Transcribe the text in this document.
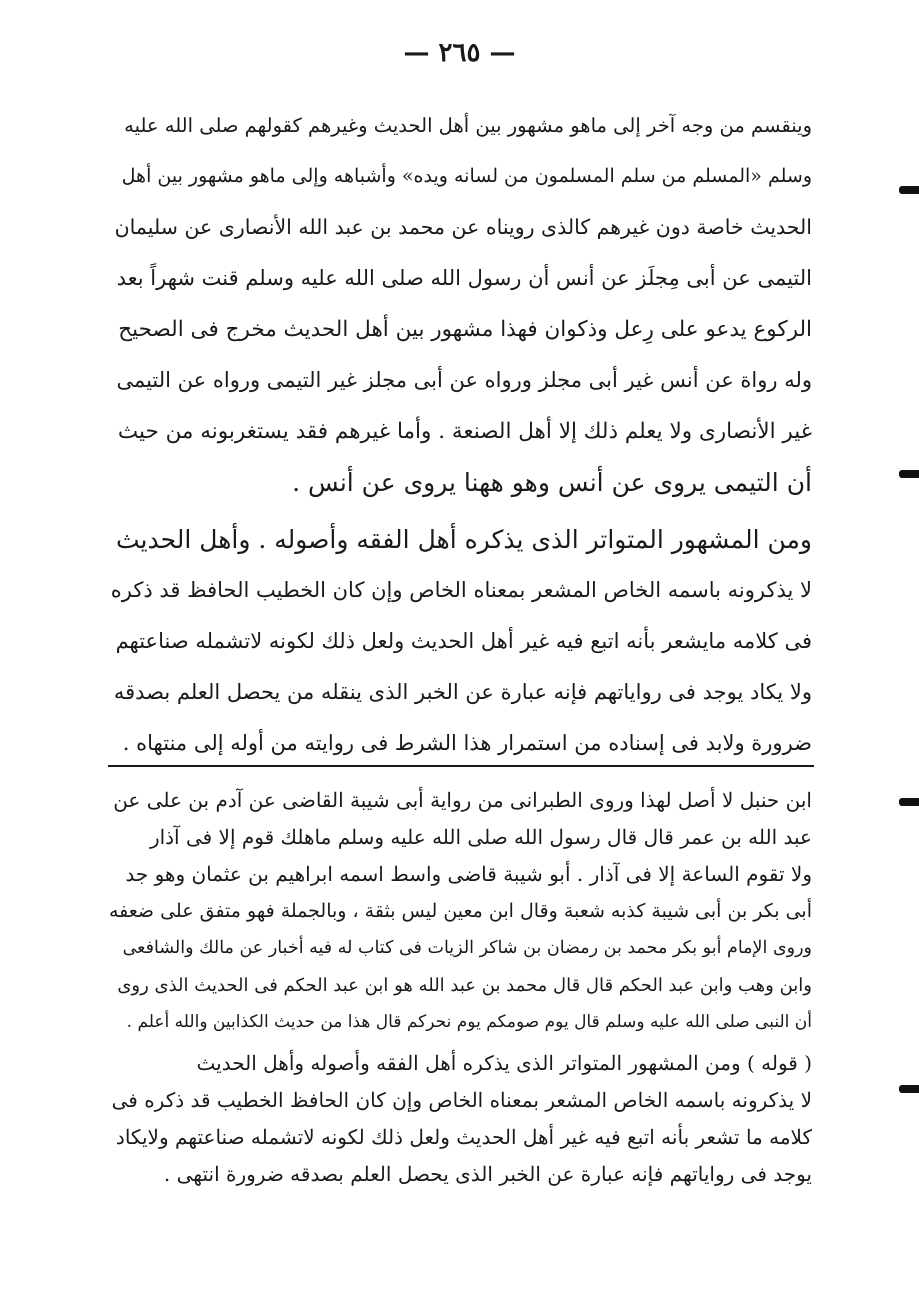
— ٢٦٥ —

وينقسم من وجه آخر إلى ماهو مشهور بين أهل الحديث وغيرهم كقولهم صلى الله عليه
وسلم «المسلم من سلم المسلمون من لسانه ويده» وأشباهه وإلى ماهو مشهور بين أهل
الحديث خاصة دون غيرهم كالذى رويناه عن محمد بن عبد الله الأنصارى عن سليمان
التيمى عن أبى مِجلَز عن أنس أن رسول الله صلى الله عليه وسلم قنت شهراً بعد
الركوع يدعو على رِعل وذكوان فهذا مشهور بين أهل الحديث مخرج فى الصحيح
وله رواة عن أنس غير أبى مجلز ورواه عن أبى مجلز غير التيمى ورواه عن التيمى
غير الأنصارى ولا يعلم ذلك إلا أهل الصنعة . وأما غيرهم فقد يستغربونه من حيث
أن التيمى يروى عن أنس وهو ههنا يروى عن أنس .

ومن المشهور المتواتر الذى يذكره أهل الفقه وأصوله . وأهل الحديث
لا يذكرونه باسمه الخاص المشعر بمعناه الخاص وإن كان الخطيب الحافظ قد ذكره
فى كلامه مايشعر بأنه اتبع فيه غير أهل الحديث ولعل ذلك لكونه لاتشمله صناعتهم
ولا يكاد يوجد فى رواياتهم فإنه عبارة عن الخبر الذى ينقله من يحصل العلم بصدقه
ضرورة ولابد فى إسناده من استمرار هذا الشرط فى روايته من أوله إلى منتهاه .

ابن حنبل لا أصل لهذا وروى الطبرانى من رواية أبى شيبة القاضى عن آدم بن على عن
عبد الله بن عمر قال قال رسول الله صلى الله عليه وسلم ماهلك قوم إلا فى آذار
ولا تقوم الساعة إلا فى آذار . أبو شيبة قاضى واسط اسمه ابراهيم بن عثمان وهو جد
أبى بكر بن أبى شيبة كذبه شعبة وقال ابن معين ليس بثقة ، وبالجملة فهو متفق على ضعفه
وروى الإمام أبو بكر محمد بن رمضان بن شاكر الزيات فى كتاب له فيه أخبار عن مالك والشافعى
وابن وهب وابن عبد الحكم قال قال محمد بن عبد الله هو ابن عبد الحكم فى الحديث الذى روى
أن النبى صلى الله عليه وسلم قال يوم صومكم يوم نحركم قال هذا من حديث الكذابين والله أعلم .

( قوله ) ومن المشهور المتواتر الذى يذكره أهل الفقه وأصوله وأهل الحديث
لا يذكرونه باسمه الخاص المشعر بمعناه الخاص وإن كان الحافظ الخطيب قد ذكره فى
كلامه ما تشعر بأنه اتبع فيه غير أهل الحديث ولعل ذلك لكونه لاتشمله صناعتهم ولايكاد
يوجد فى رواياتهم فإنه عبارة عن الخبر الذى يحصل العلم بصدقه ضرورة انتهى .
